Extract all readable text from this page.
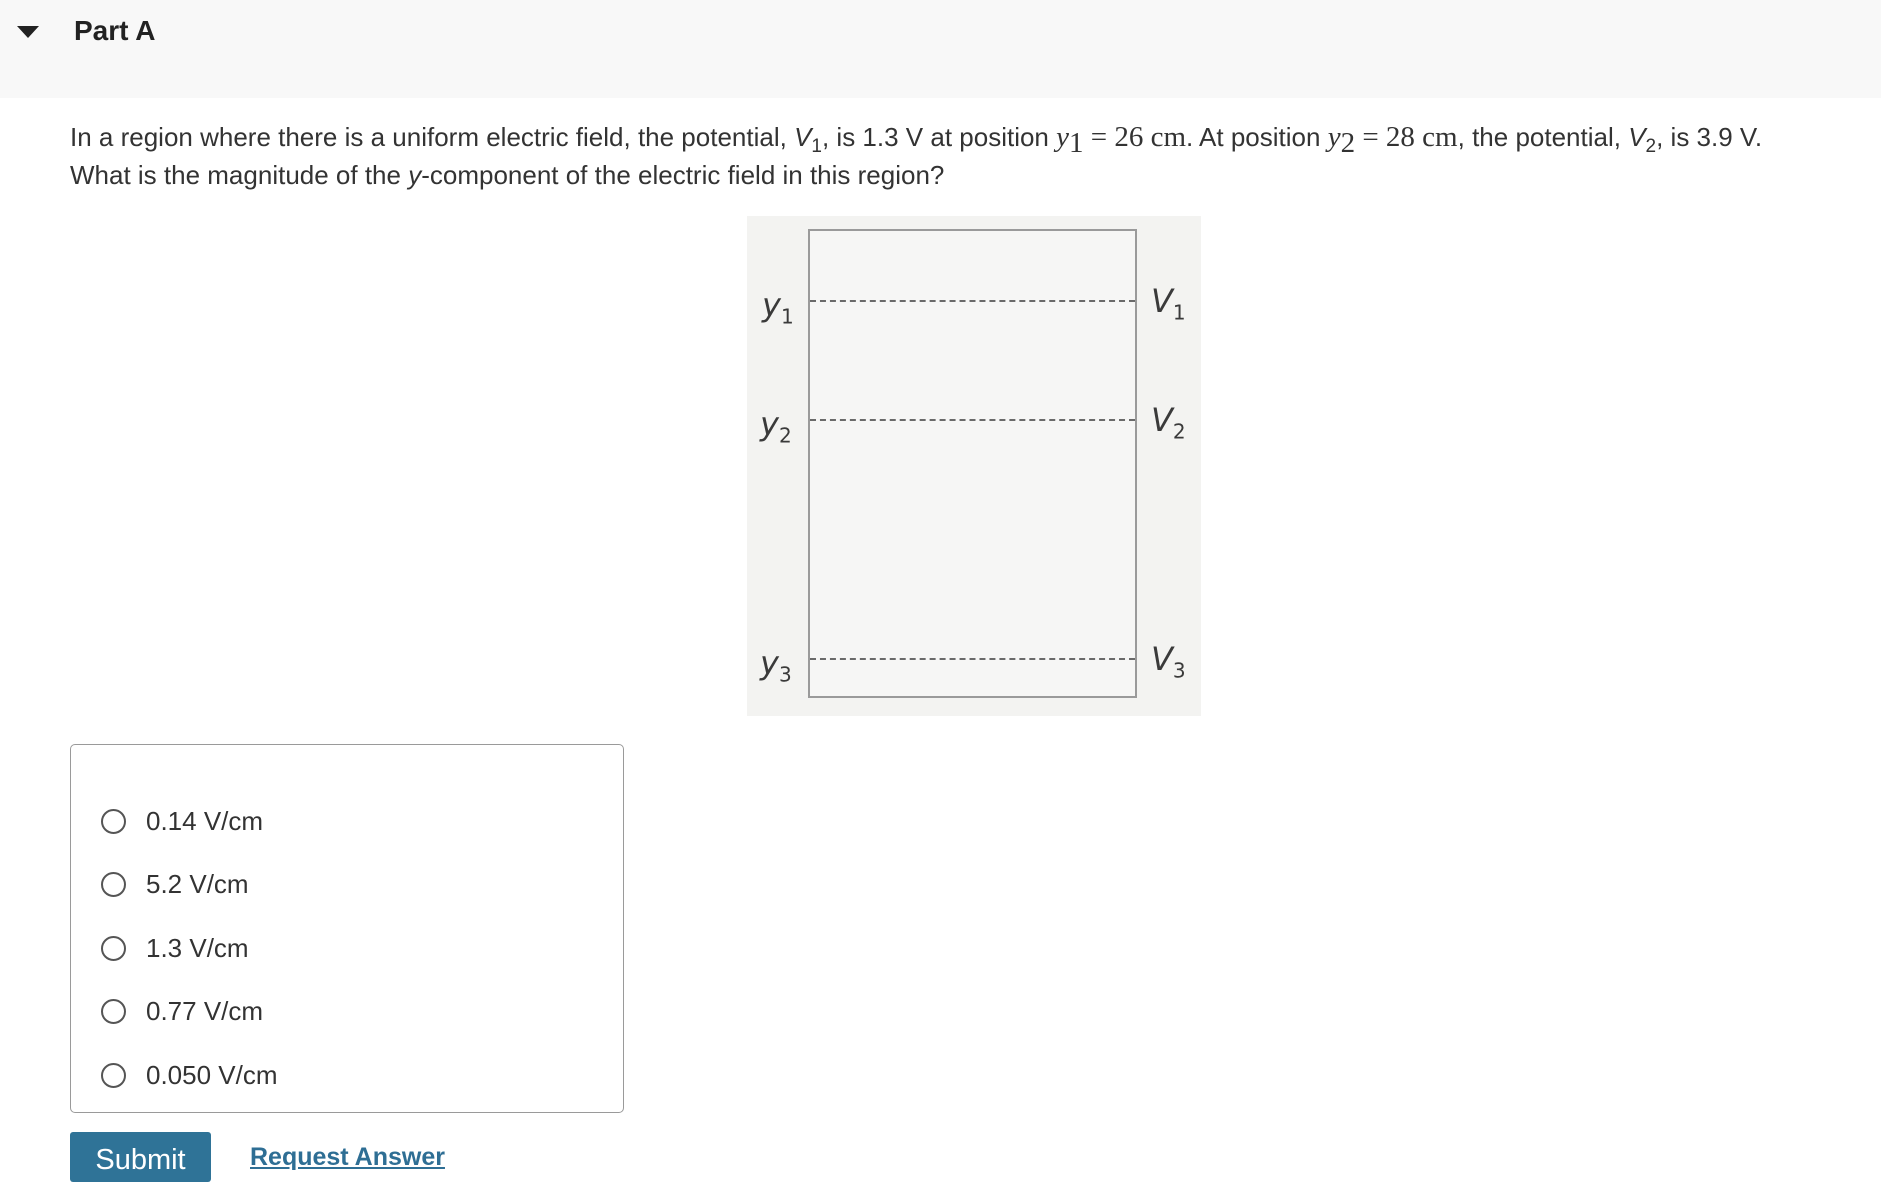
Part A
In a region where there is a uniform electric field, the potential, $V_1$, is 1.3 V at position $y_1 = 26$ cm. At position $y_2 = 28$ cm, the potential, $V_2$, is 3.9 V.
What is the magnitude of the y-component of the electric field in this region?
$y_1$
$y_2$
$y_3$
$V_1$
$V_2$
$V_3$
0.14 V/cm
5.2 V/cm
1.3 V/cm
0.77 V/cm
0.050 V/cm
Submit	Request Answer
